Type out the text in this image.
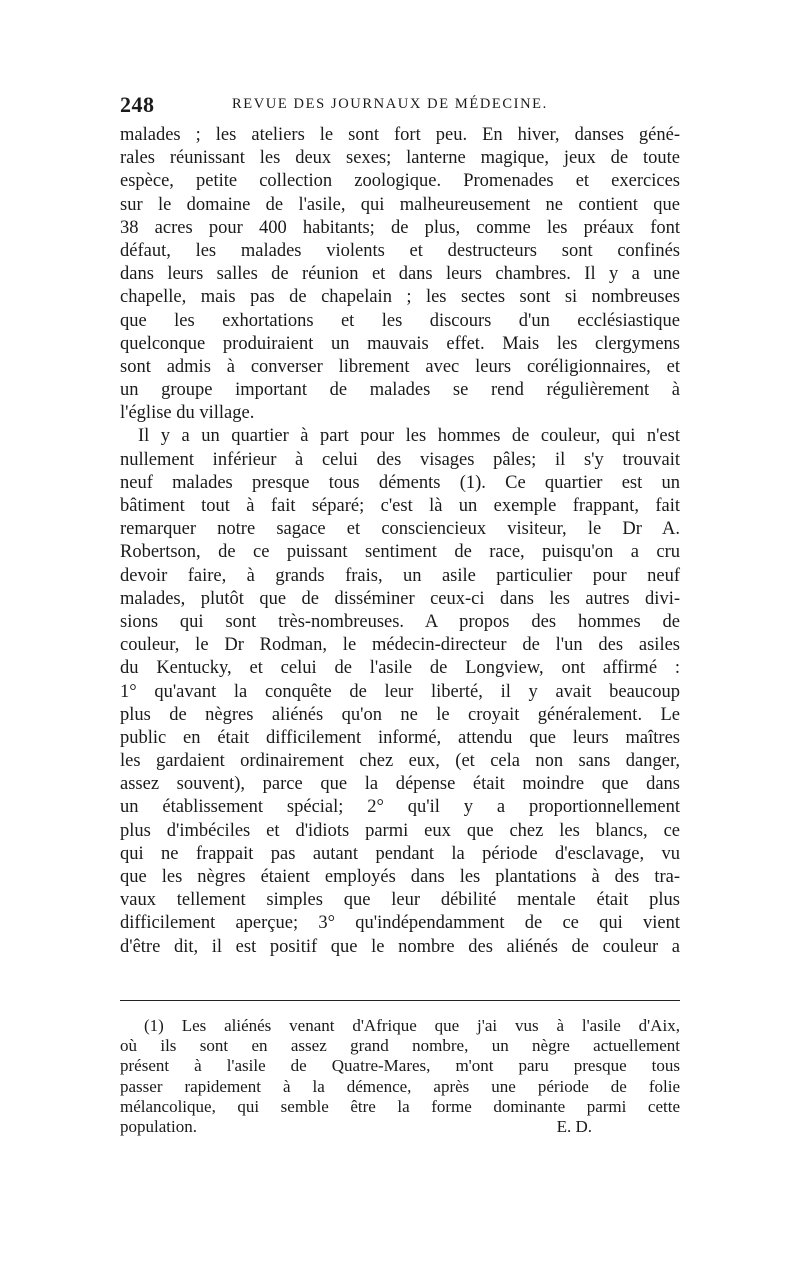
248	REVUE DES JOURNAUX DE MÉDECINE.
malades ; les ateliers le sont fort peu. En hiver, danses géné-
rales réunissant les deux sexes; lanterne magique, jeux de toute
espèce, petite collection zoologique. Promenades et exercices
sur le domaine de l'asile, qui malheureusement ne contient que
38 acres pour 400 habitants; de plus, comme les préaux font
défaut, les malades violents et destructeurs sont confinés
dans leurs salles de réunion et dans leurs chambres. Il y a une
chapelle, mais pas de chapelain ; les sectes sont si nombreuses
que les exhortations et les discours d'un ecclésiastique
quelconque produiraient un mauvais effet. Mais les clergymens
sont admis à converser librement avec leurs coréligionnaires, et
un groupe important de malades se rend régulièrement à
l'église du village.
Il y a un quartier à part pour les hommes de couleur, qui n'est
nullement inférieur à celui des visages pâles; il s'y trouvait
neuf malades presque tous déments (1). Ce quartier est un
bâtiment tout à fait séparé; c'est là un exemple frappant, fait
remarquer notre sagace et consciencieux visiteur, le Dr A.
Robertson, de ce puissant sentiment de race, puisqu'on a cru
devoir faire, à grands frais, un asile particulier pour neuf
malades, plutôt que de disséminer ceux-ci dans les autres divi-
sions qui sont très-nombreuses. A propos des hommes de
couleur, le Dr Rodman, le médecin-directeur de l'un des asiles
du Kentucky, et celui de l'asile de Longview, ont affirmé :
1° qu'avant la conquête de leur liberté, il y avait beaucoup
plus de nègres aliénés qu'on ne le croyait généralement. Le
public en était difficilement informé, attendu que leurs maîtres
les gardaient ordinairement chez eux, (et cela non sans danger,
assez souvent), parce que la dépense était moindre que dans
un établissement spécial; 2° qu'il y a proportionnellement
plus d'imbéciles et d'idiots parmi eux que chez les blancs, ce
qui ne frappait pas autant pendant la période d'esclavage, vu
que les nègres étaient employés dans les plantations à des tra-
vaux tellement simples que leur débilité mentale était plus
difficilement aperçue; 3° qu'indépendamment de ce qui vient
d'être dit, il est positif que le nombre des aliénés de couleur a
(1) Les aliénés venant d'Afrique que j'ai vus à l'asile d'Aix,
où ils sont en assez grand nombre, un nègre actuellement
présent à l'asile de Quatre-Mares, m'ont paru presque tous
passer rapidement à la démence, après une période de folie
mélancolique, qui semble être la forme dominante parmi cette
population.	E. D.
